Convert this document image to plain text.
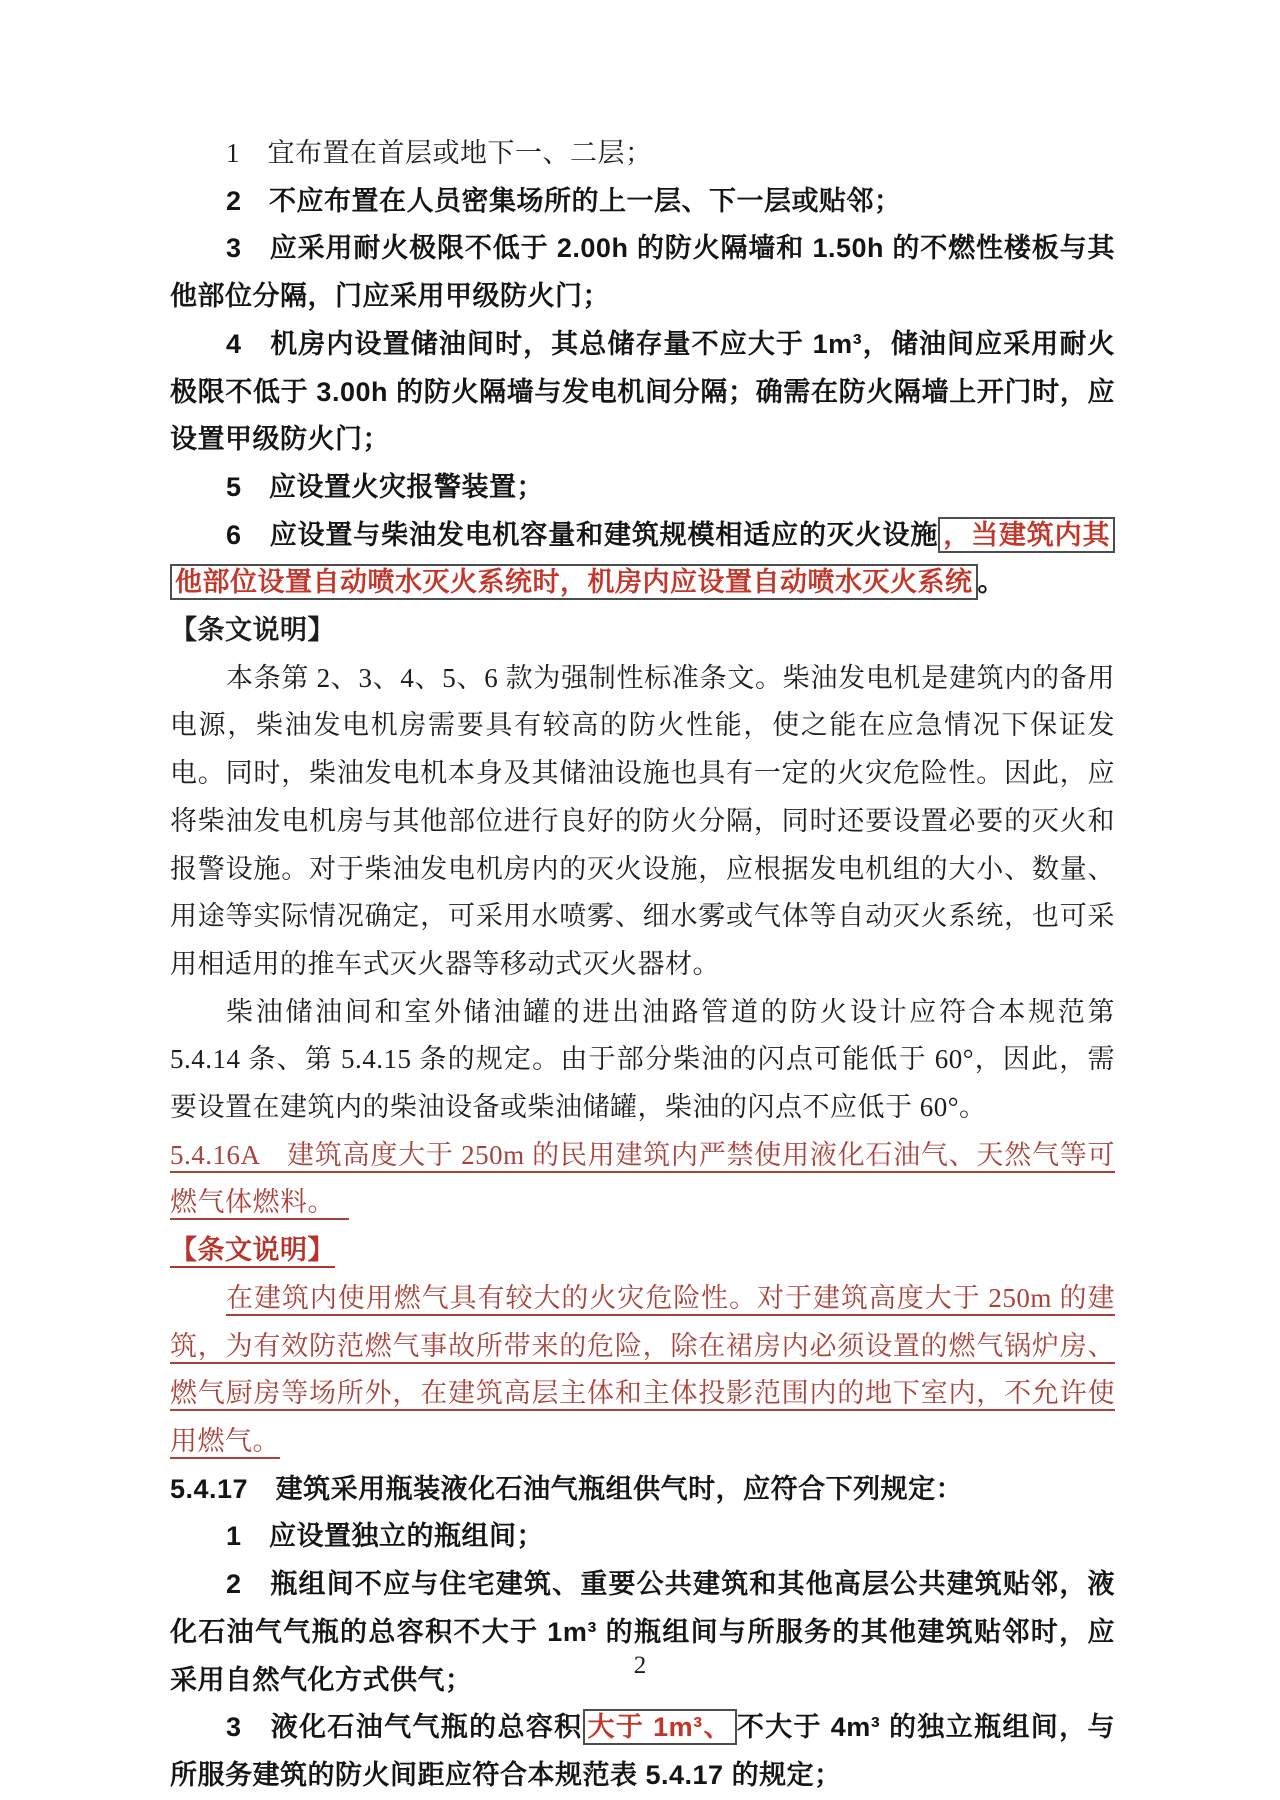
1　宜布置在首层或地下一、二层；

2　不应布置在人员密集场所的上一层、下一层或贴邻；

3　应采用耐火极限不低于 2.00h 的防火隔墙和 1.50h 的不燃性楼板与其他部位分隔，门应采用甲级防火门；

4　机房内设置储油间时，其总储存量不应大于 1m³，储油间应采用耐火极限不低于 3.00h 的防火隔墙与发电机间分隔；确需在防火隔墙上开门时，应设置甲级防火门；

5　应设置火灾报警装置；

6　应设置与柴油发电机容量和建筑规模相适应的灭火设施 ，当建筑内其他部位设置自动喷水灭火系统时，机房内应设置自动喷水灭火系统 。

【条文说明】

本条第 2、3、4、5、6 款为强制性标准条文。柴油发电机是建筑内的备用电源，柴油发电机房需要具有较高的防火性能，使之能在应急情况下保证发电。同时，柴油发电机本身及其储油设施也具有一定的火灾危险性。因此，应将柴油发电机房与其他部位进行良好的防火分隔，同时还要设置必要的灭火和报警设施。对于柴油发电机房内的灭火设施，应根据发电机组的大小、数量、用途等实际情况确定，可采用水喷雾、细水雾或气体等自动灭火系统，也可采用相适用的推车式灭火器等移动式灭火器材。

柴油储油间和室外储油罐的进出油路管道的防火设计应符合本规范第 5.4.14 条、第 5.4.15 条的规定。由于部分柴油的闪点可能低于 60°，因此，需要设置在建筑内的柴油设备或柴油储罐，柴油的闪点不应低于 60°。

5.4.16A　建筑高度大于 250m 的民用建筑内严禁使用液化石油气、天然气等可燃气体燃料。　

【条文说明】

在建筑内使用燃气具有较大的火灾危险性。对于建筑高度大于 250m 的建筑，为有效防范燃气事故所带来的危险，除在裙房内必须设置的燃气锅炉房、燃气厨房等场所外，在建筑高层主体和主体投影范围内的地下室内，不允许使用燃气。

5.4.17　建筑采用瓶装液化石油气瓶组供气时，应符合下列规定：

1　应设置独立的瓶组间；

2　瓶组间不应与住宅建筑、重要公共建筑和其他高层公共建筑贴邻，液化石油气气瓶的总容积不大于 1m³ 的瓶组间与所服务的其他建筑贴邻时，应采用自然气化方式供气；

3　液化石油气气瓶的总容积 大于 1m³、 不大于 4m³ 的独立瓶组间，与所服务建筑的防火间距应符合本规范表 5.4.17 的规定；

2
